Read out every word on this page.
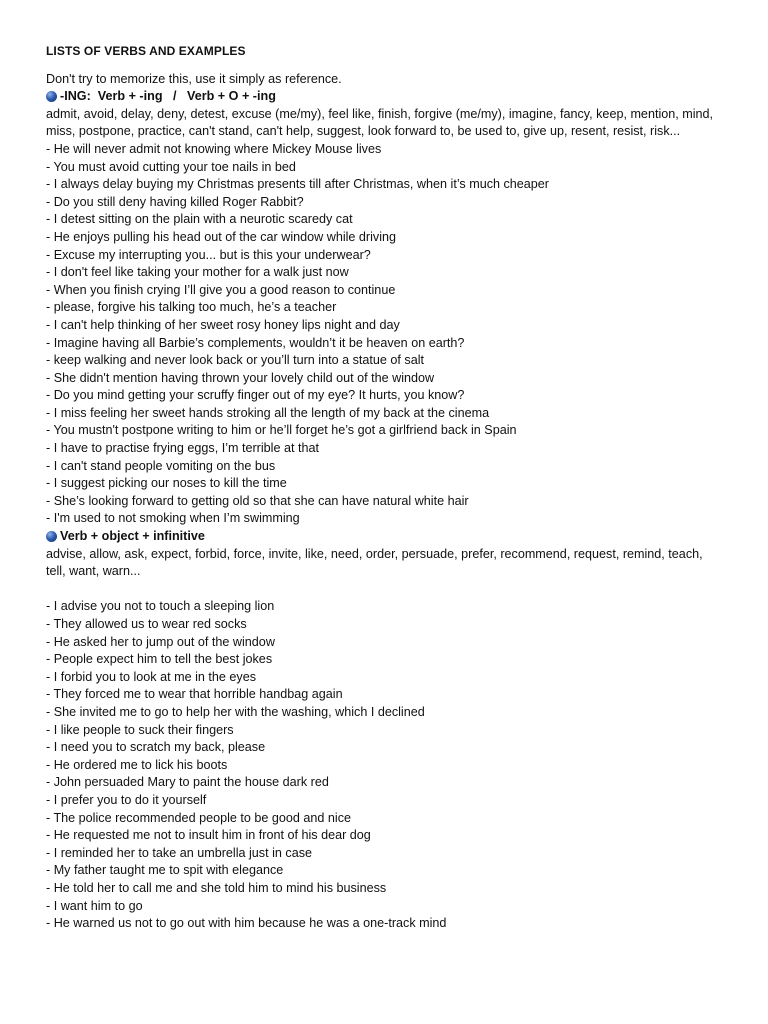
LISTS OF VERBS AND EXAMPLES
Don't try to memorize this, use it simply as reference.
-ING:  Verb + -ing   /   Verb + O + -ing
admit, avoid, delay, deny, detest, excuse (me/my), feel like, finish, forgive (me/my), imagine, fancy, keep, mention, mind, miss, postpone, practice, can't stand, can't help, suggest, look forward to, be used to, give up, resent, resist, risk...
- He will never admit not knowing where Mickey Mouse lives
- You must avoid cutting your toe nails in bed
- I always delay buying my Christmas presents till after Christmas, when it’s much cheaper
- Do you still deny having killed Roger Rabbit?
- I detest sitting on the plain with a neurotic scaredy cat
- He enjoys pulling his head out of the car window while driving
- Excuse my interrupting you... but is this your underwear?
- I don't feel like taking your mother for a walk just now
- When you finish crying I’ll give you a good reason to continue
- please, forgive his talking too much, he’s a teacher
- I can't help thinking of her sweet rosy honey lips night and day
- Imagine having all Barbie’s complements, wouldn’t it be heaven on earth?
- keep walking and never look back or you’ll turn into a statue of salt
- She didn't mention having thrown your lovely child out of the window
- Do you mind getting your scruffy finger out of my eye? It hurts, you know?
- I miss feeling her sweet hands stroking all the length of my back at the cinema
- You mustn't postpone writing to him or he’ll forget he’s got a girlfriend back in Spain
- I have to practise frying eggs, I’m terrible at that
- I can't stand people vomiting on the bus
- I suggest picking our noses to kill the time
- She’s looking forward to getting old so that she can have natural white hair
- I'm used to not smoking when I’m swimming
Verb + object + infinitive
advise, allow, ask, expect, forbid, force, invite, like, need, order, persuade, prefer, recommend, request, remind, teach, tell, want, warn...
- I advise you not to touch a sleeping lion
- They allowed us to wear red socks
- He asked her to jump out of the window
- People expect him to tell the best jokes
- I forbid you to look at me in the eyes
- They forced me to wear that horrible handbag again
- She invited me to go to help her with the washing, which I declined
- I like people to suck their fingers
- I need you to scratch my back, please
- He ordered me to lick his boots
- John persuaded Mary to paint the house dark red
- I prefer you to do it yourself
- The police recommended people to be good and nice
- He requested me not to insult him in front of his dear dog
- I reminded her to take an umbrella just in case
- My father taught me to spit with elegance
- He told her to call me and she told him to mind his business
- I want him to go
- He warned us not to go out with him because he was a one-track mind
